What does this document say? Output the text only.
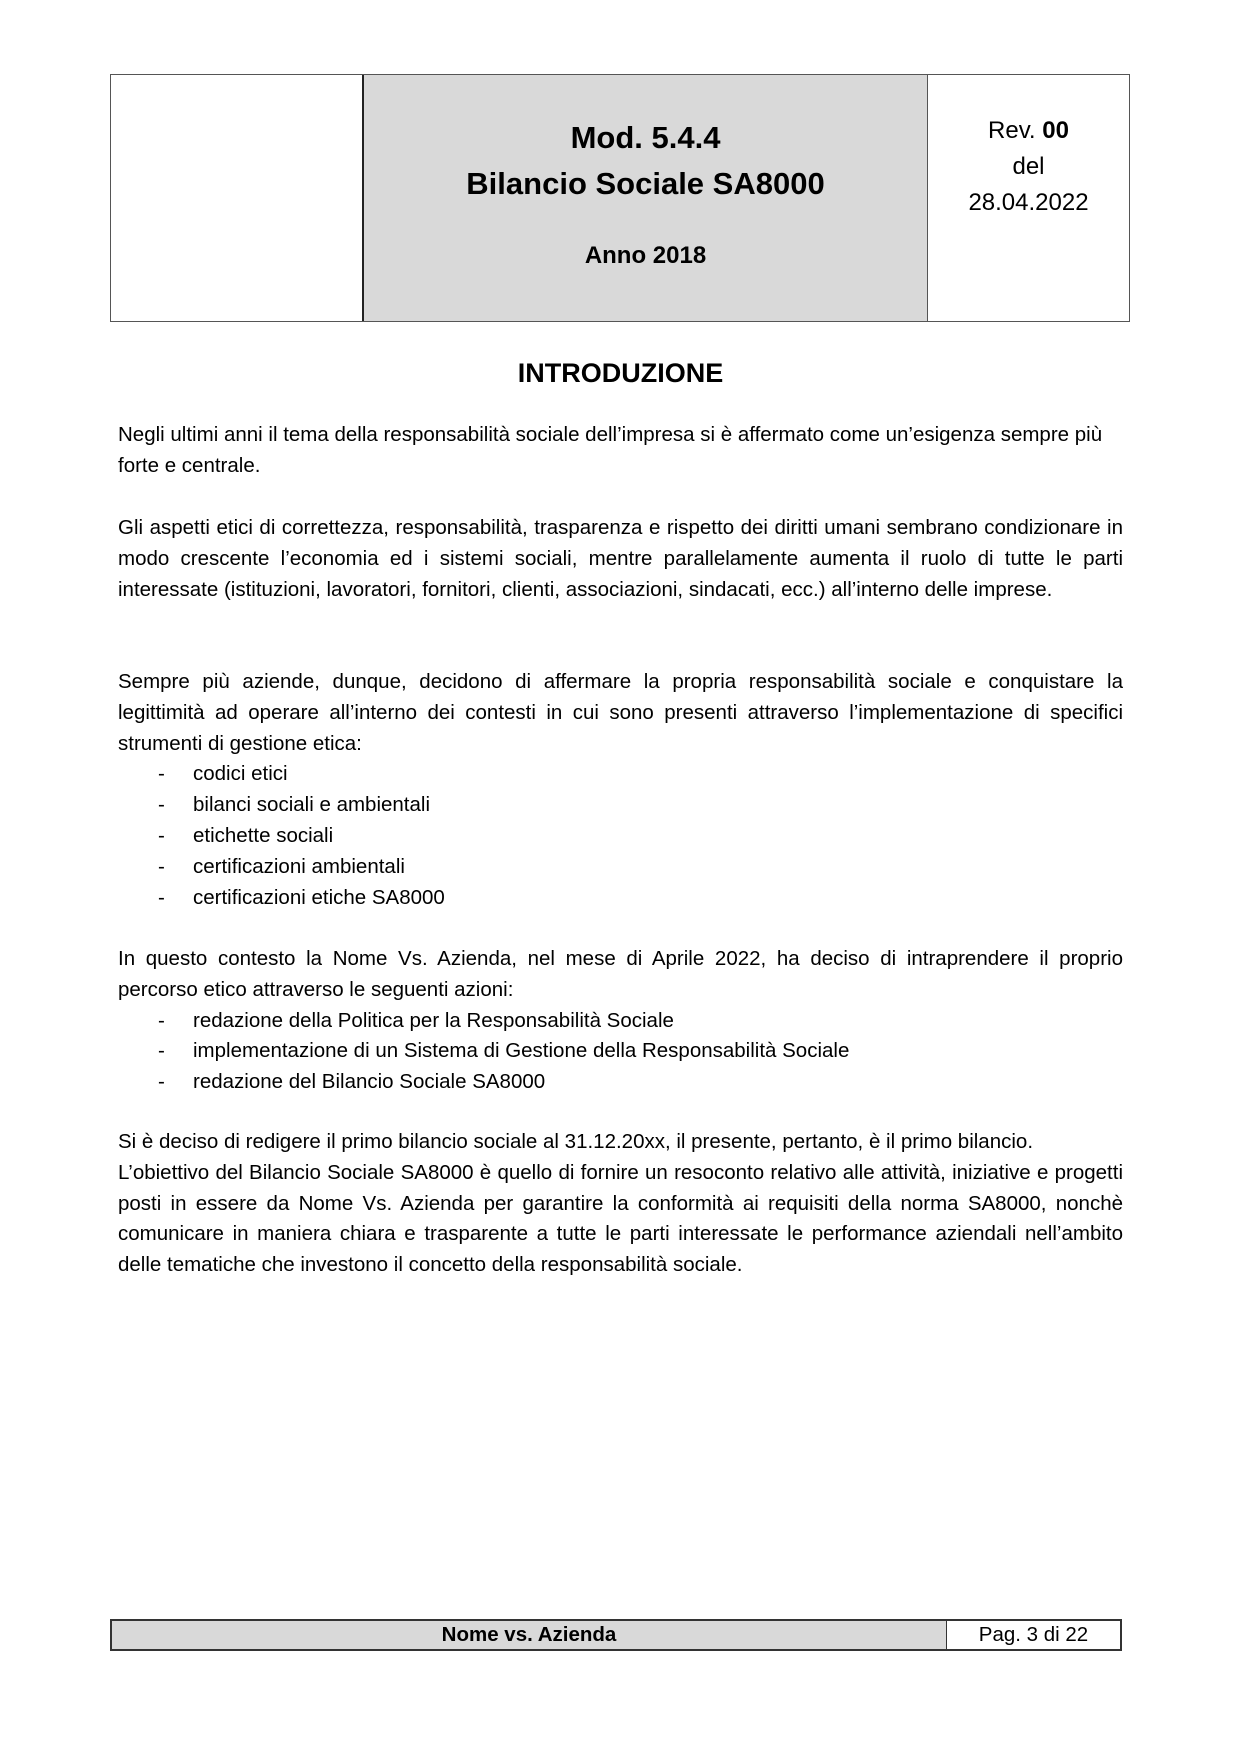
Mod. 5.4.4
Bilancio Sociale SA8000
Anno 2018
Rev. 00
del
28.04.2022
INTRODUZIONE

Negli ultimi anni il tema della responsabilità sociale dell’impresa si è affermato come un’esigenza sempre più forte e centrale.

Gli aspetti etici di correttezza, responsabilità, trasparenza e rispetto dei diritti umani sembrano condizionare in modo crescente l’economia ed i sistemi sociali, mentre parallelamente aumenta il ruolo di tutte le parti interessate (istituzioni, lavoratori, fornitori, clienti, associazioni, sindacati, ecc.) all’interno delle imprese.

Sempre più aziende, dunque, decidono di affermare la propria responsabilità sociale e conquistare la legittimità ad operare all’interno dei contesti in cui sono presenti attraverso l’implementazione di specifici strumenti di gestione etica:

- codici etici
- bilanci sociali e ambientali
- etichette sociali
- certificazioni ambientali
- certificazioni etiche SA8000

In questo contesto la Nome Vs. Azienda, nel mese di Aprile 2022, ha deciso di intraprendere il proprio percorso etico attraverso le seguenti azioni:

- redazione della Politica per la Responsabilità Sociale
- implementazione di un Sistema di Gestione della Responsabilità Sociale
- redazione del Bilancio Sociale SA8000

Si è deciso di redigere il primo bilancio sociale al 31.12.20xx, il presente, pertanto, è il primo bilancio.

L’obiettivo del Bilancio Sociale SA8000 è quello di fornire un resoconto relativo alle attività, iniziative e progetti posti in essere da Nome Vs. Azienda per garantire la conformità ai requisiti della norma SA8000, nonchè comunicare in maniera chiara e trasparente a tutte le parti interessate le performance aziendali nell’ambito delle tematiche che investono il concetto della responsabilità sociale.

Nome vs. Azienda	Pag. 3 di 22
